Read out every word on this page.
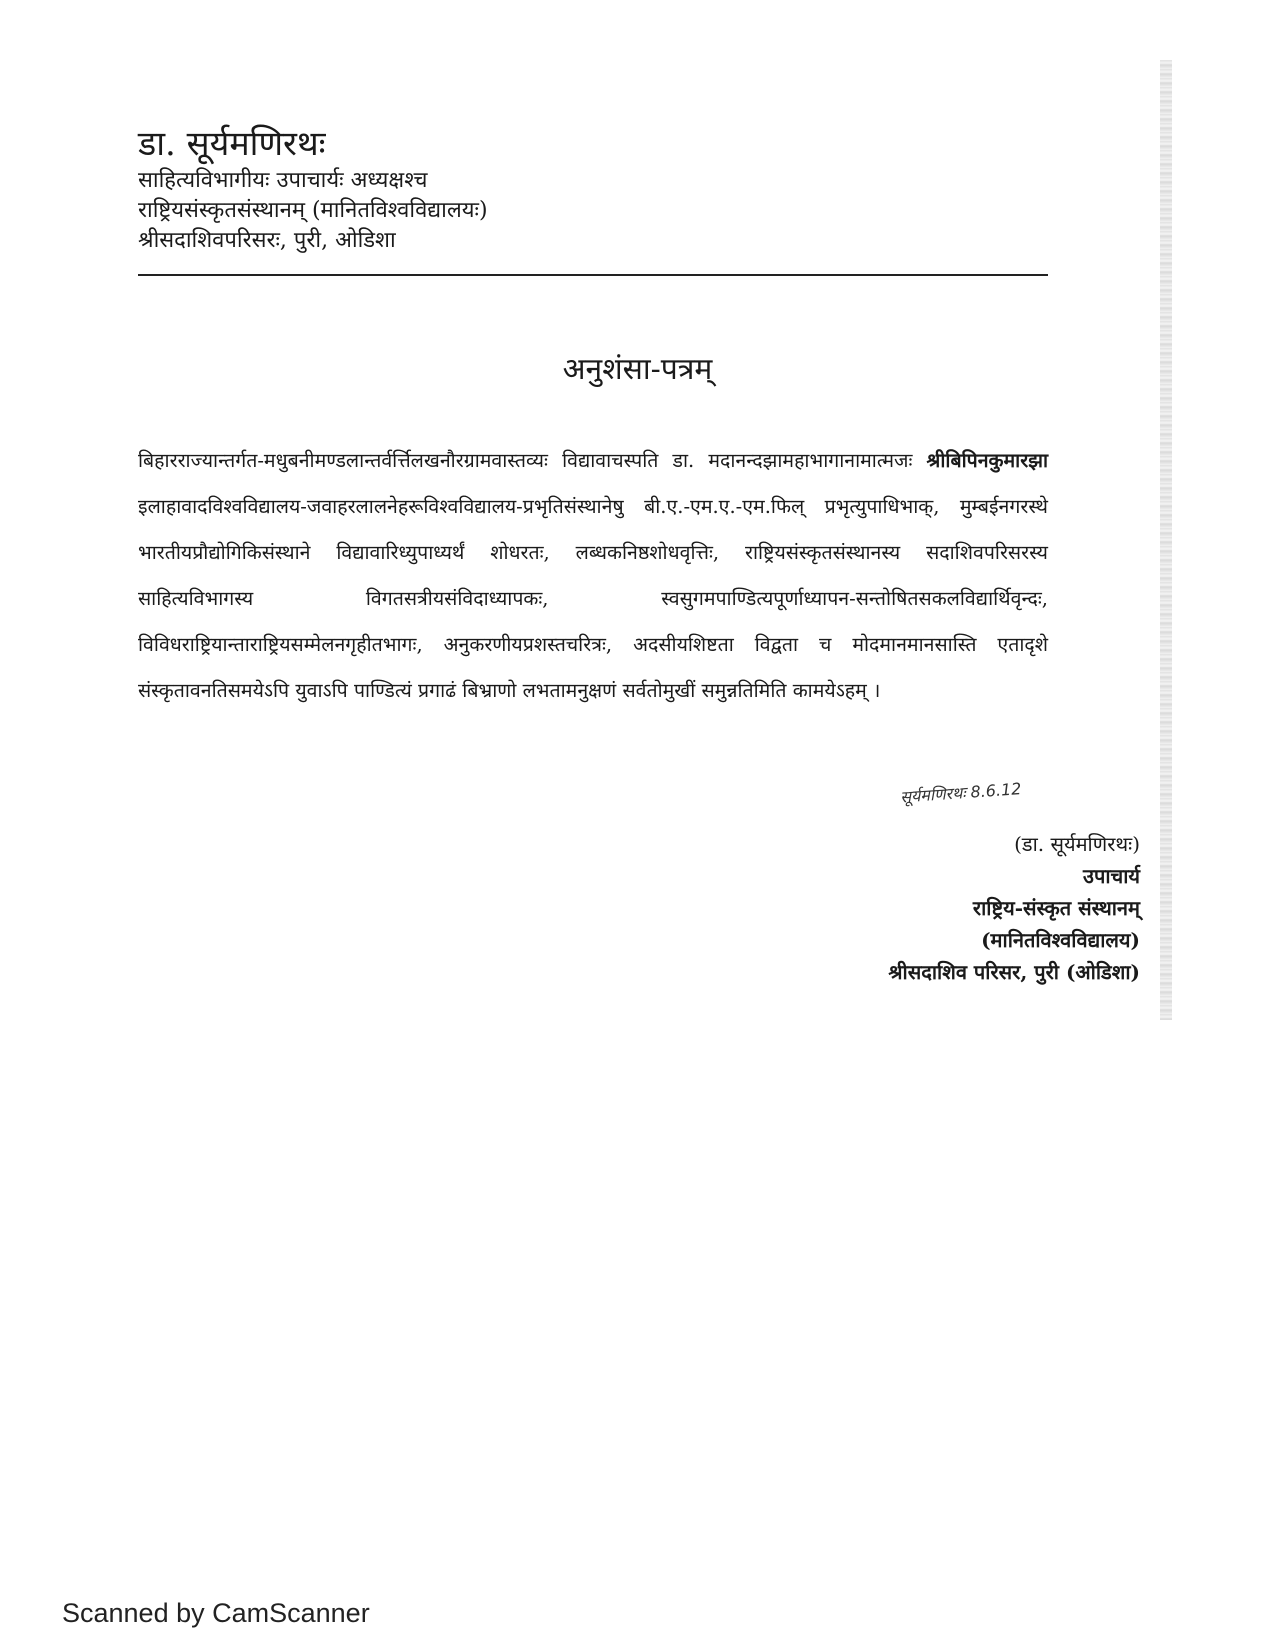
डा. सूर्यमणिरथः

साहित्यविभागीयः उपाचार्यः अध्यक्षश्च

राष्ट्रियसंस्कृतसंस्थानम् (मानितविश्वविद्यालयः)

श्रीसदाशिवपरिसरः, पुरी, ओडिशा

अनुशंसा-पत्रम्
बिहारराज्यान्तर्गत-मधुबनीमण्डलान्तर्वर्त्तिलखनौरग्रामवास्तव्यः विद्यावाचस्पति डा. मदानन्दझामहाभागानामात्मजः श्रीबिपिनकुमारझा इलाहावादविश्वविद्यालय-जवाहरलालनेहरूविश्वविद्यालय-प्रभृतिसंस्थानेषु बी.ए.-एम.ए.-एम.फिल् प्रभृत्युपाधिभाक्, मुम्बईनगरस्थे भारतीयप्रौद्योगिकिसंस्थाने विद्यावारिध्युपाध्यर्थं शोधरतः, लब्धकनिष्ठशोधवृत्तिः, राष्ट्रियसंस्कृतसंस्थानस्य सदाशिवपरिसरस्य साहित्यविभागस्य विगतसत्रीयसंविदाध्यापकः, स्वसुगमपाण्डित्यपूर्णाध्यापन-सन्तोषितसकलविद्यार्थिवृन्दः, विविधराष्ट्रियान्ताराष्ट्रियसम्मेलनगृहीतभागः, अनुकरणीयप्रशस्तचरित्रः, अदसीयशिष्टता विद्वता च मोदमानमानसास्ति एतादृशे संस्कृतावनतिसमयेऽपि युवाऽपि पाण्डित्यं प्रगाढं बिभ्राणो लभतामनुक्षणं सर्वतोमुखीं समुन्नतिमिति कामयेऽहम् ।
सूर्यमणिरथः 8.6.12
(डा. सूर्यमणिरथः)
उपाचार्य
राष्ट्रिय-संस्कृत संस्थानम्
(मानितविश्वविद्यालय)
श्रीसदाशिव परिसर, पुरी (ओडिशा)
Scanned by CamScanner
